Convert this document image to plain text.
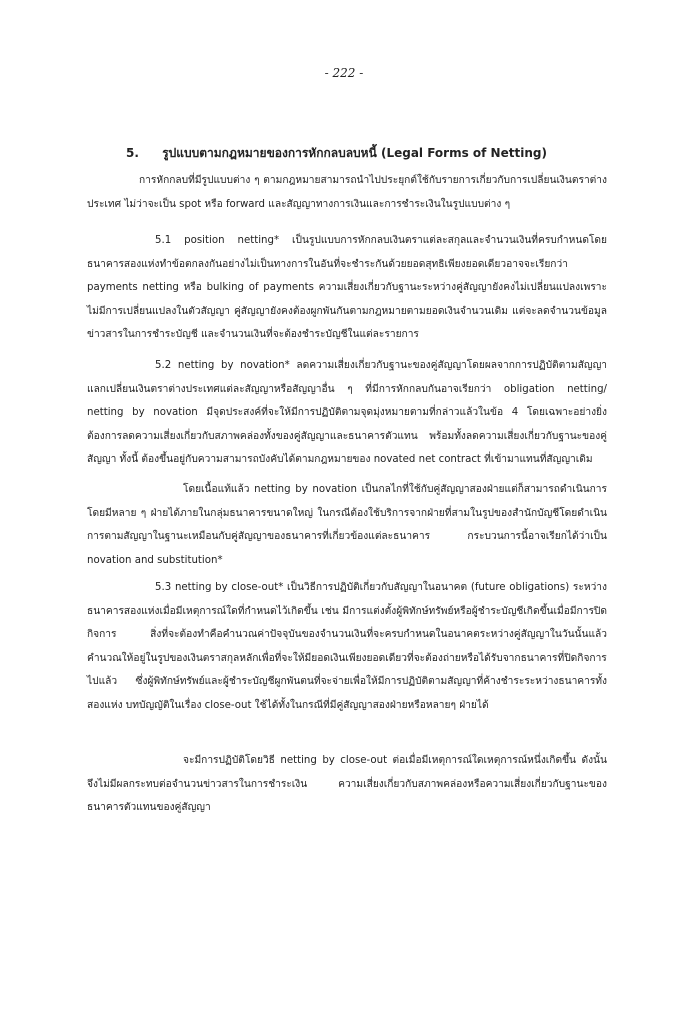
- 222 -
5. รูปแบบตามกฎหมายของการหักกลบลบหนี้ (Legal Forms of Netting)

การหักกลบที่มีรูปแบบต่าง ๆ ตามกฎหมายสามารถนำไปประยุกต์ใช้กับรายการเกี่ยวกับการเปลี่ยนเงินตราต่างประเทศ ไม่ว่าจะเป็น spot หรือ forward และสัญญาทางการเงินและการชำระเงินในรูปแบบต่าง ๆ

5.1 position netting* เป็นรูปแบบการหักกลบเงินตราแต่ละสกุลและจำนวนเงินที่ครบกำหนดโดยธนาคารสองแห่งทำข้อตกลงกันอย่างไม่เป็นทางการในอันที่จะชำระกันด้วยยอดสุทธิเพียงยอดเดียวอาจจะเรียกว่า payments netting หรือ bulking of payments ความเสี่ยงเกี่ยวกับฐานะระหว่างคู่สัญญายังคงไม่เปลี่ยนแปลงเพราะไม่มีการเปลี่ยนแปลงในตัวสัญญา คู่สัญญายังคงต้องผูกพันกันตามกฎหมายตามยอดเงินจำนวนเดิม แต่จะลดจำนวนข้อมูลข่าวสารในการชำระบัญชี และจำนวนเงินที่จะต้องชำระบัญชีในแต่ละรายการ

5.2 netting by novation* ลดความเสี่ยงเกี่ยวกับฐานะของคู่สัญญาโดยผลจากการปฏิบัติตามสัญญาแลกเปลี่ยนเงินตราต่างประเทศแต่ละสัญญาหรือสัญญาอื่น ๆ ที่มีการหักกลบกันอาจเรียกว่า obligation netting/ netting by novation มีจุดประสงค์ที่จะให้มีการปฏิบัติตามจุดมุ่งหมายตามที่กล่าวแล้วในข้อ 4 โดยเฉพาะอย่างยิ่งต้องการลดความเสี่ยงเกี่ยวกับสภาพคล่องทั้งของคู่สัญญาและธนาคารตัวแทน พร้อมทั้งลดความเสี่ยงเกี่ยวกับฐานะของคู่สัญญา ทั้งนี้ ต้องขึ้นอยู่กับความสามารถบังคับได้ตามกฎหมายของ novated net contract ที่เข้ามาแทนที่สัญญาเดิม

โดยเนื้อแท้แล้ว netting by novation เป็นกลไกที่ใช้กับคู่สัญญาสองฝ่ายแต่ก็สามารถดำเนินการโดยมีหลาย ๆ ฝ่ายได้ภายในกลุ่มธนาคารขนาดใหญ่ ในกรณีต้องใช้บริการจากฝ่ายที่สามในรูปของสำนักบัญชีโดยดำเนินการตามสัญญาในฐานะเหมือนกับคู่สัญญาของธนาคารที่เกี่ยวข้องแต่ละธนาคาร กระบวนการนี้อาจเรียกได้ว่าเป็น novation and substitution*

5.3 netting by close-out* เป็นวิธีการปฏิบัติเกี่ยวกับสัญญาในอนาคต (future obligations) ระหว่างธนาคารสองแห่งเมื่อมีเหตุการณ์ใดที่กำหนดไว้เกิดขึ้น เช่น มีการแต่งตั้งผู้พิทักษ์ทรัพย์หรือผู้ชำระบัญชีเกิดขึ้นเมื่อมีการปิดกิจการ สิ่งที่จะต้องทำคือคำนวณค่าปัจจุบันของจำนวนเงินที่จะครบกำหนดในอนาคตระหว่างคู่สัญญาในวันนั้นแล้วคำนวณให้อยู่ในรูปของเงินตราสกุลหลักเพื่อที่จะให้มียอดเงินเพียงยอดเดียวที่จะต้องถ่ายหรือได้รับจากธนาคารที่ปิดกิจการไปแล้ว ซึ่งผู้พิทักษ์ทรัพย์และผู้ชำระบัญชีผูกพันตนที่จะจ่ายเพื่อให้มีการปฏิบัติตามสัญญาที่ค้างชำระระหว่างธนาคารทั้งสองแห่ง บทบัญญัติในเรื่อง close-out ใช้ได้ทั้งในกรณีที่มีคู่สัญญาสองฝ่ายหรือหลายๆ ฝ่ายได้

จะมีการปฏิบัติโดยวิธี netting by close-out ต่อเมื่อมีเหตุการณ์ใดเหตุการณ์หนึ่งเกิดขึ้น ดังนั้น จึงไม่มีผลกระทบต่อจำนวนข่าวสารในการชำระเงิน ความเสี่ยงเกี่ยวกับสภาพคล่องหรือความเสี่ยงเกี่ยวกับฐานะของธนาคารตัวแทนของคู่สัญญา
